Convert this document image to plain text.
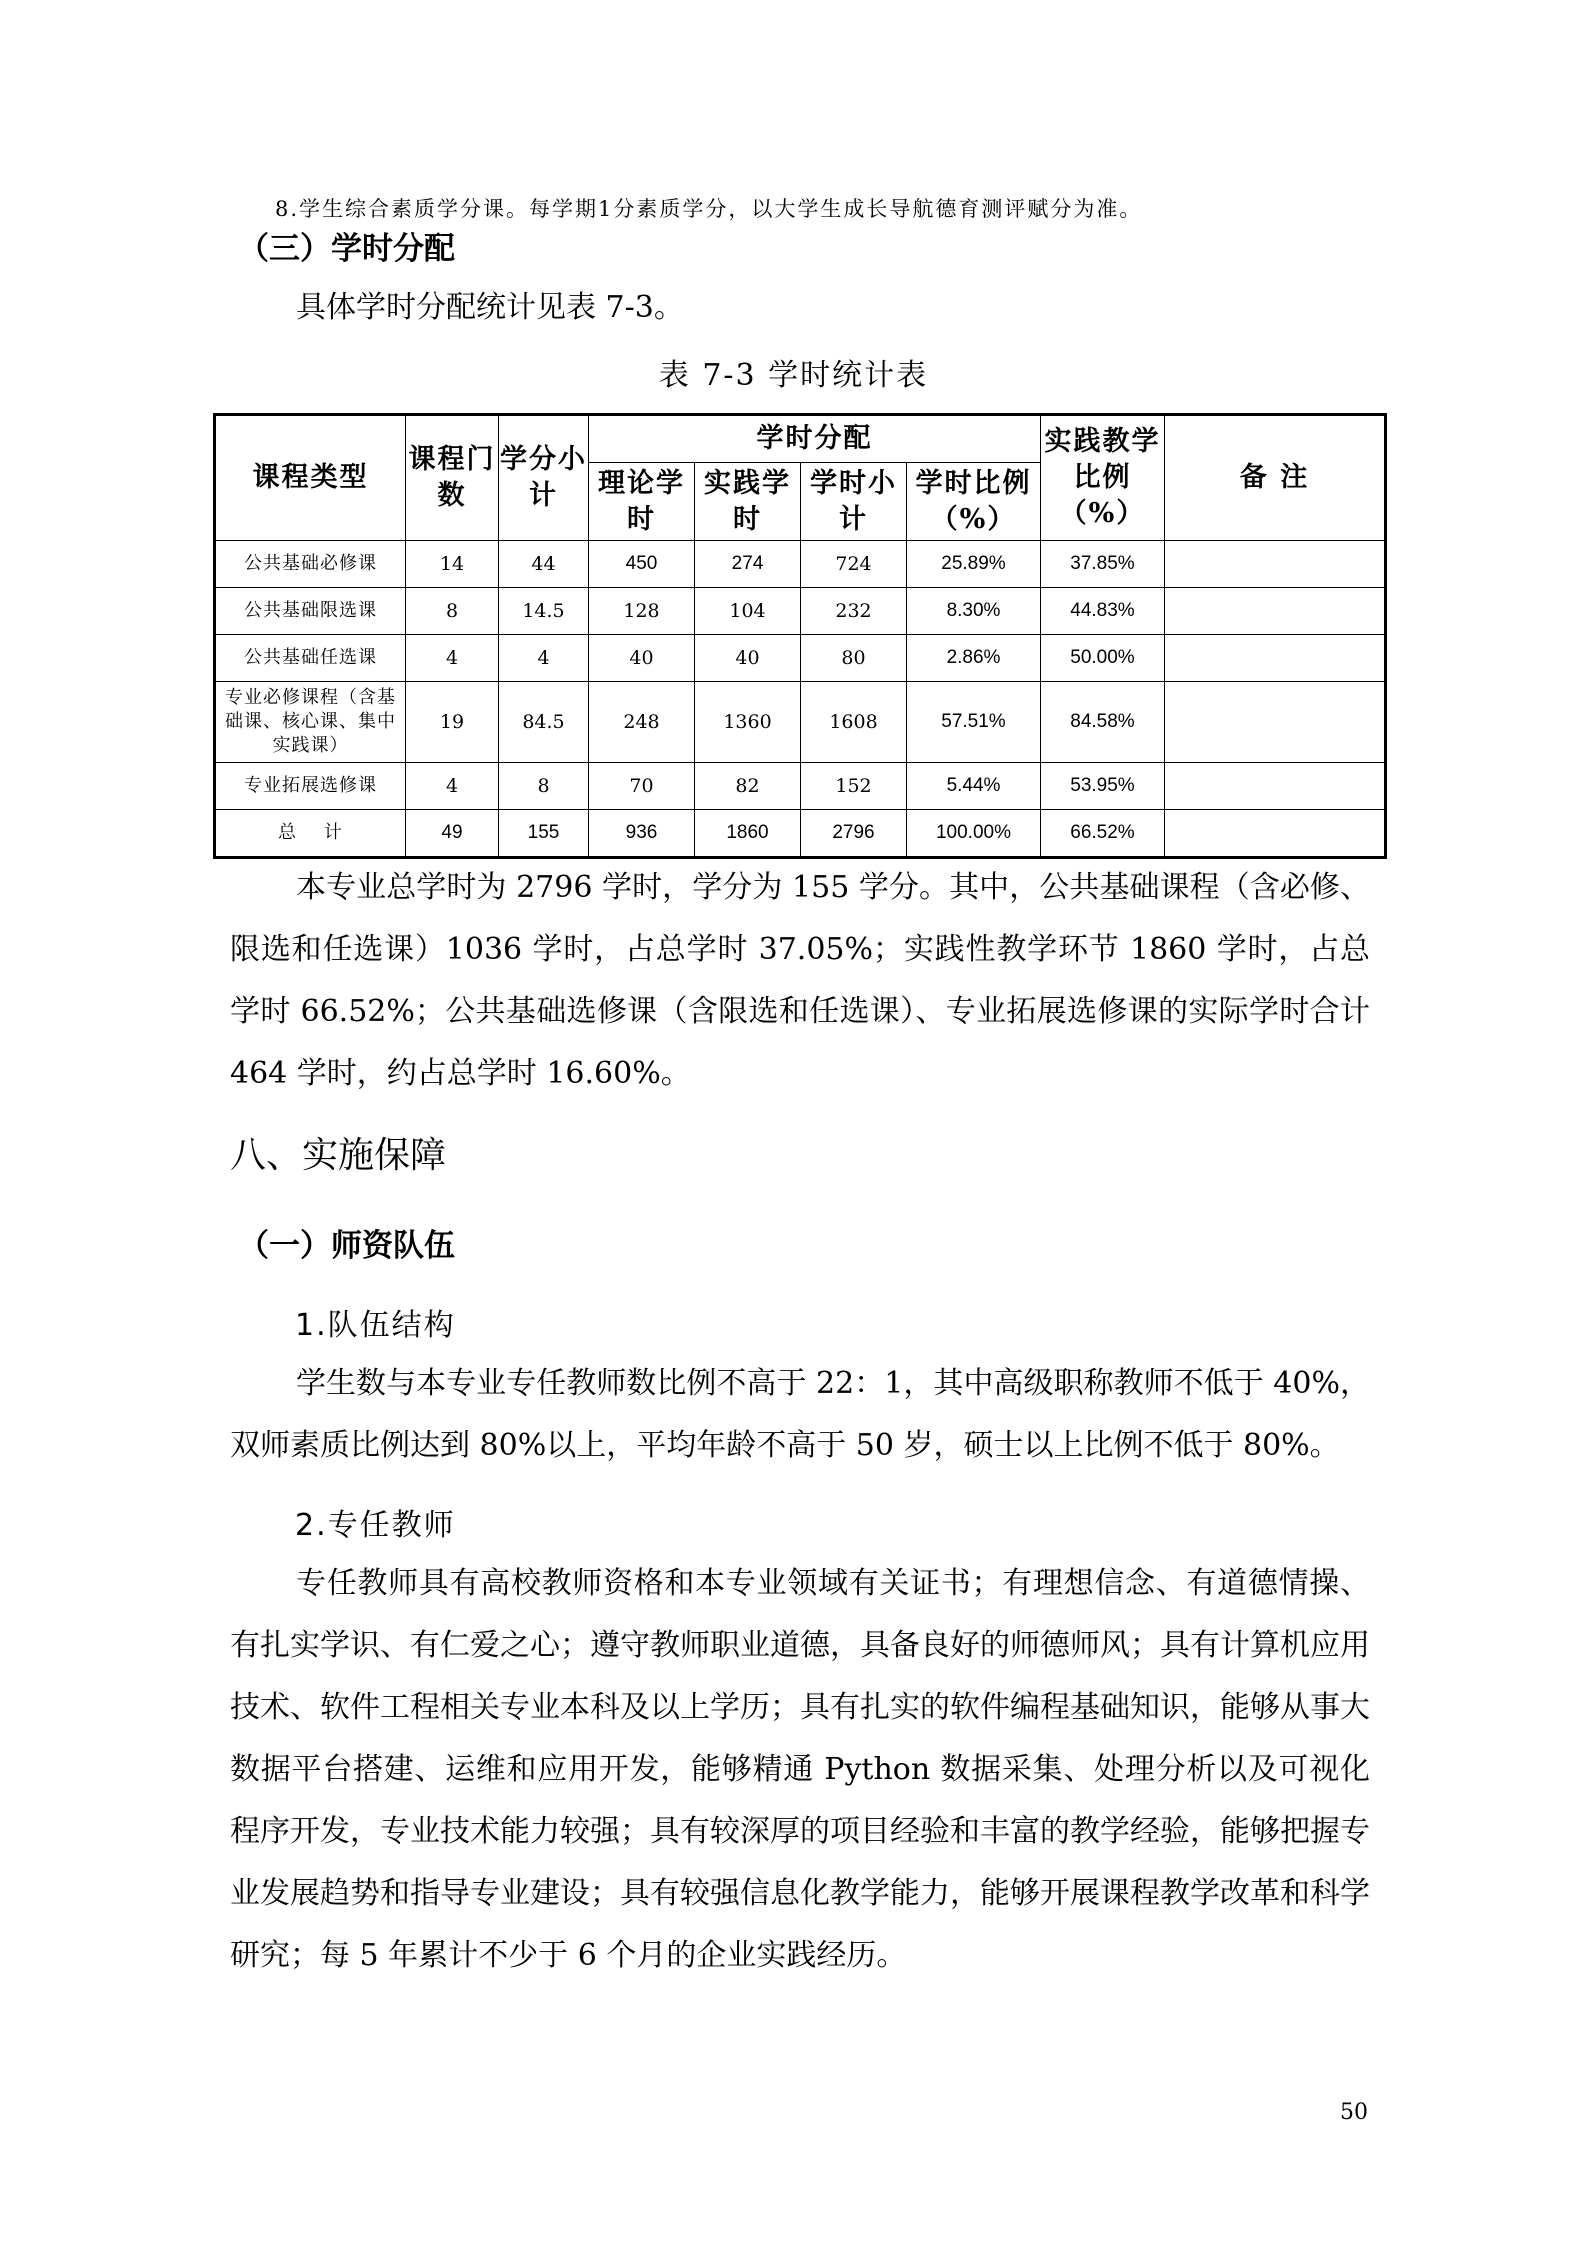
8.学生综合素质学分课。每学期1分素质学分，以大学生成长导航德育测评赋分为准。
（三）学时分配

具体学时分配统计见表 7-3。

表 7-3 学时统计表
课程类型	课程门数	学分小计	学时分配				实践教学比例（%）	备 注
			理论学时	实践学时	学时小计	学时比例（%）		
公共基础必修课	14	44	450	274	724	25.89%	37.85%	
公共基础限选课	8	14.5	128	104	232	8.30%	44.83%	
公共基础任选课	4	4	40	40	80	2.86%	50.00%	
专业必修课程（含基础课、核心课、集中实践课）	19	84.5	248	1360	1608	57.51%	84.58%	
专业拓展选修课	4	8	70	82	152	5.44%	53.95%	
总    计	49	155	936	1860	2796	100.00%	66.52%	

本专业总学时为 2796 学时，学分为 155 学分。其中，公共基础课程（含必修、限选和任选课）1036 学时，占总学时 37.05%；实践性教学环节 1860 学时，占总学时 66.52%；公共基础选修课（含限选和任选课）、专业拓展选修课的实际学时合计 464 学时，约占总学时 16.60%。

八、实施保障
（一）师资队伍
1.队伍结构

学生数与本专业专任教师数比例不高于 22：1，其中高级职称教师不低于 40%，双师素质比例达到 80%以上，平均年龄不高于 50 岁，硕士以上比例不低于 80%。

2.专任教师

专任教师具有高校教师资格和本专业领域有关证书；有理想信念、有道德情操、有扎实学识、有仁爱之心；遵守教师职业道德，具备良好的师德师风；具有计算机应用技术、软件工程相关专业本科及以上学历；具有扎实的软件编程基础知识，能够从事大数据平台搭建、运维和应用开发，能够精通 Python 数据采集、处理分析以及可视化程序开发，专业技术能力较强；具有较深厚的项目经验和丰富的教学经验，能够把握专业发展趋势和指导专业建设；具有较强信息化教学能力，能够开展课程教学改革和科学研究；每 5 年累计不少于 6 个月的企业实践经历。

50
